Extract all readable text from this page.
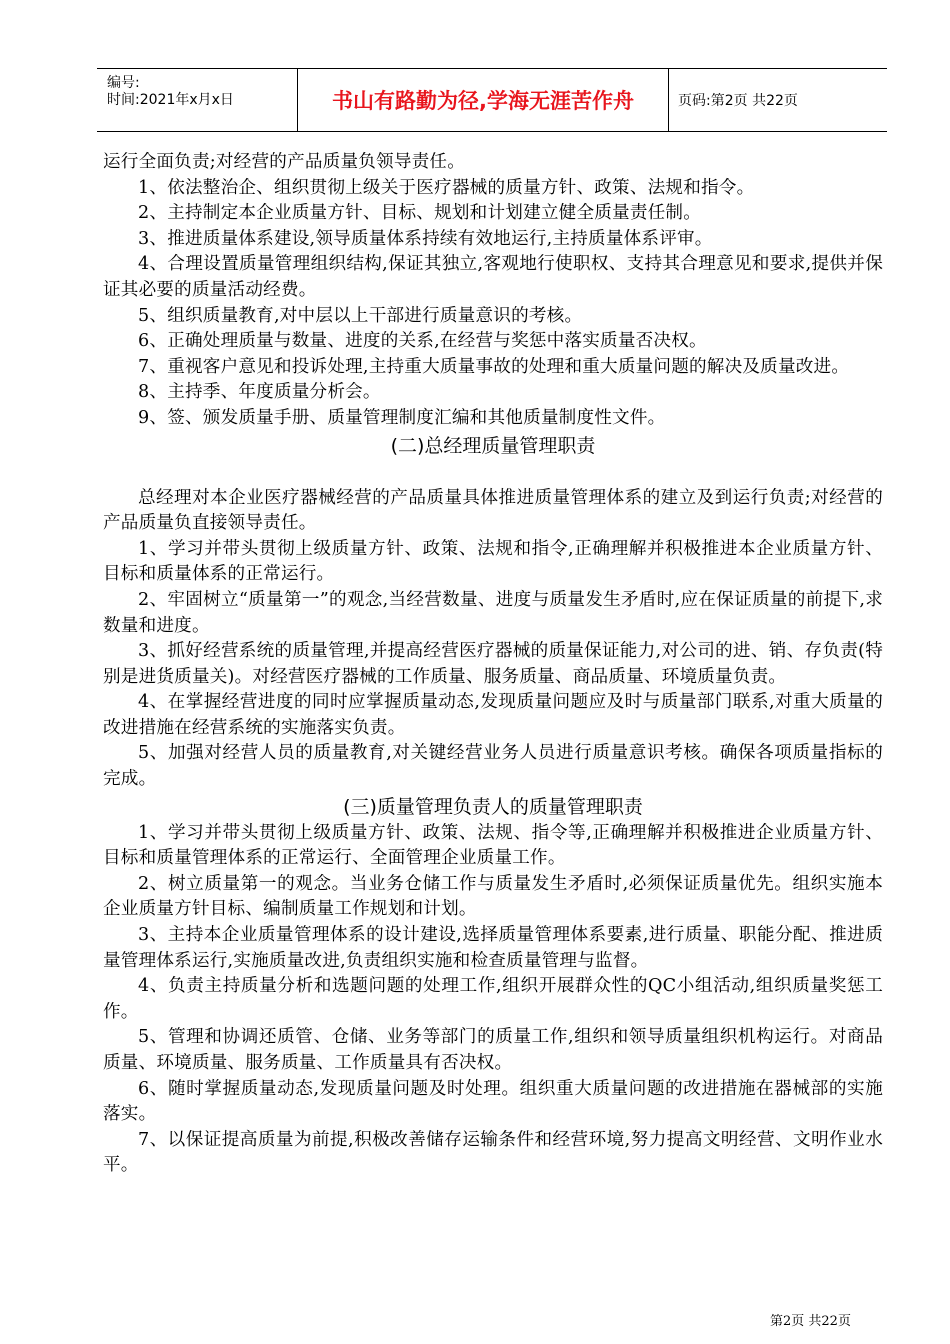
编号:
时间:2021年x月x日	书山有路勤为径,学海无涯苦作舟	页码:第2页 共22页

运行全面负责;对经营的产品质量负领导责任。

1、依法整治企、组织贯彻上级关于医疗器械的质量方针、政策、法规和指令。

2、主持制定本企业质量方针、目标、规划和计划建立健全质量责任制。

3、推进质量体系建设,领导质量体系持续有效地运行,主持质量体系评审。

4、合理设置质量管理组织结构,保证其独立,客观地行使职权、支持其合理意见和要求,提供并保证其必要的质量活动经费。

5、组织质量教育,对中层以上干部进行质量意识的考核。

6、正确处理质量与数量、进度的关系,在经营与奖惩中落实质量否决权。

7、重视客户意见和投诉处理,主持重大质量事故的处理和重大质量问题的解决及质量改进。

8、主持季、年度质量分析会。

9、签、颁发质量手册、质量管理制度汇编和其他质量制度性文件。

(二)总经理质量管理职责

总经理对本企业医疗器械经营的产品质量具体推进质量管理体系的建立及到运行负责;对经营的产品质量负直接领导责任。

1、学习并带头贯彻上级质量方针、政策、法规和指令,正确理解并积极推进本企业质量方针、目标和质量体系的正常运行。

2、牢固树立“质量第一”的观念,当经营数量、进度与质量发生矛盾时,应在保证质量的前提下,求数量和进度。

3、抓好经营系统的质量管理,并提高经营医疗器械的质量保证能力,对公司的进、销、存负责(特别是进货质量关)。对经营医疗器械的工作质量、服务质量、商品质量、环境质量负责。

4、在掌握经营进度的同时应掌握质量动态,发现质量问题应及时与质量部门联系,对重大质量的改进措施在经营系统的实施落实负责。

5、加强对经营人员的质量教育,对关键经营业务人员进行质量意识考核。确保各项质量指标的完成。

(三)质量管理负责人的质量管理职责

1、学习并带头贯彻上级质量方针、政策、法规、指令等,正确理解并积极推进企业质量方针、目标和质量管理体系的正常运行、全面管理企业质量工作。

2、树立质量第一的观念。当业务仓储工作与质量发生矛盾时,必须保证质量优先。组织实施本企业质量方针目标、编制质量工作规划和计划。

3、主持本企业质量管理体系的设计建设,选择质量管理体系要素,进行质量、职能分配、推进质量管理体系运行,实施质量改进,负责组织实施和检查质量管理与监督。

4、负责主持质量分析和选题问题的处理工作,组织开展群众性的QC小组活动,组织质量奖惩工作。

5、管理和协调还质管、仓储、业务等部门的质量工作,组织和领导质量组织机构运行。对商品质量、环境质量、服务质量、工作质量具有否决权。

6、随时掌握质量动态,发现质量问题及时处理。组织重大质量问题的改进措施在器械部的实施落实。

7、以保证提高质量为前提,积极改善储存运输条件和经营环境,努力提高文明经营、文明作业水平。

第2页 共22页
